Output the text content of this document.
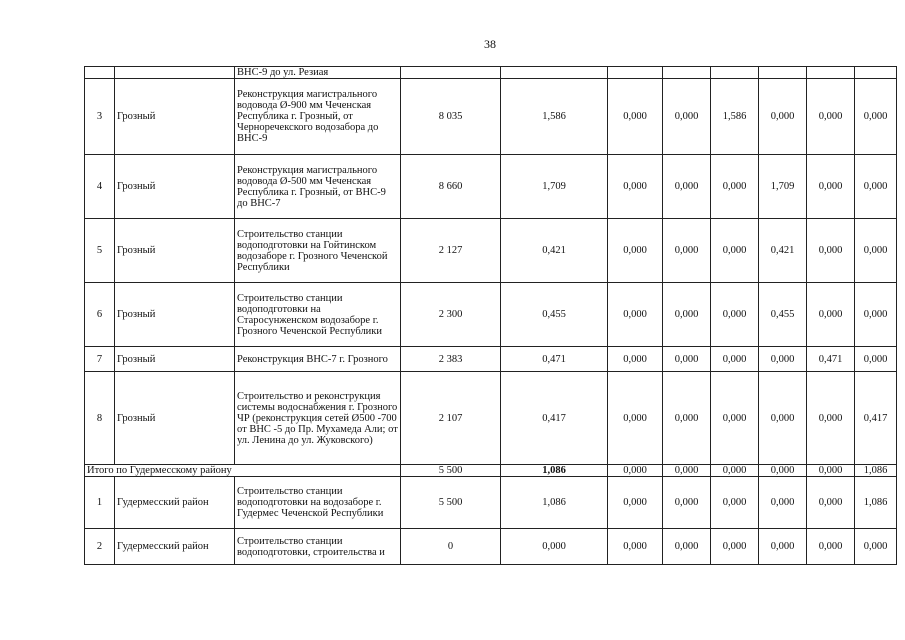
38
		ВНС-9 до ул. Резиая								
3	Грозный	Реконструкция магистрального водовода Ø-900 мм Чеченская Республика г. Грозный, от Черноречекского водозабора до ВНС-9	8 035	1,586	0,000	0,000	1,586	0,000	0,000	0,000
4	Грозный	Реконструкция магистрального водовода Ø-500 мм Чеченская Республика г. Грозный, от ВНС-9 до ВНС-7	8 660	1,709	0,000	0,000	0,000	1,709	0,000	0,000
5	Грозный	Строительство станции водоподготовки на Гойтинском водозаборе г. Грозного Чеченской Республики	2 127	0,421	0,000	0,000	0,000	0,421	0,000	0,000
6	Грозный	Строительство станции водоподготовки на Старосунженском водозаборе г. Грозного Чеченской Республики	2 300	0,455	0,000	0,000	0,000	0,455	0,000	0,000
7	Грозный	Реконструкция ВНС-7 г. Грозного	2 383	0,471	0,000	0,000	0,000	0,000	0,471	0,000
8	Грозный	Строительство и реконструкция системы водоснабжения г. Грозного ЧР (реконструкция сетей Ø500 -700 от ВНС -5 до Пр. Мухамеда Али; от ул. Ленина до ул. Жуковского)	2 107	0,417	0,000	0,000	0,000	0,000	0,000	0,417
Итого по Гудермесскому району			5 500	1,086	0,000	0,000	0,000	0,000	0,000	1,086
1	Гудермесский район	Строительство станции водоподготовки на водозаборе г. Гудермес Чеченской Республики	5 500	1,086	0,000	0,000	0,000	0,000	0,000	1,086
2	Гудермесский район	Строительство станции водоподготовки, строительства и	0	0,000	0,000	0,000	0,000	0,000	0,000	0,000
